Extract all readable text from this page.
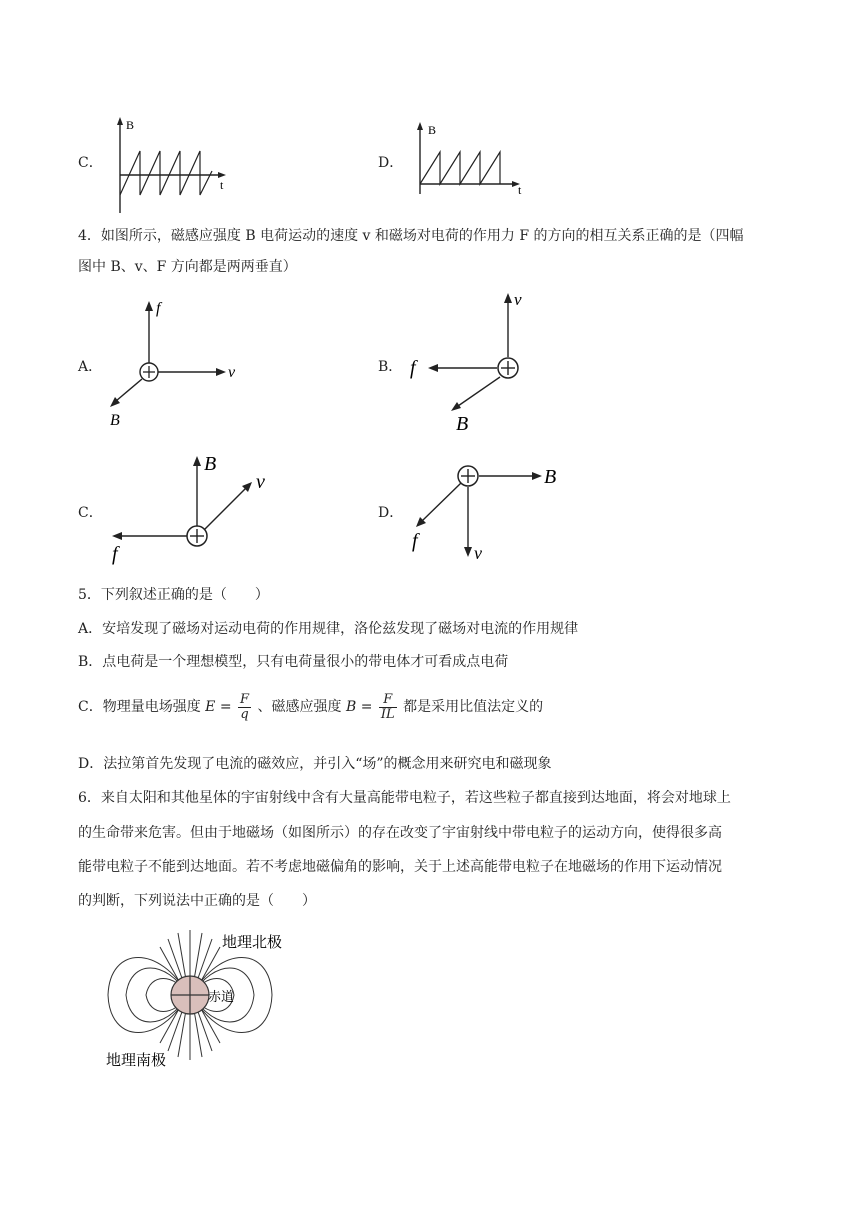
C．
B
t
D．
B
t
4．如图所示，磁感应强度 B 电荷运动的速度 v 和磁场对电荷的作用力 F 的方向的相互关系正确的是（四幅
图中 B、v、F 方向都是两两垂直）
A．
f
v
B
B．
v
f
B
C．
B
v
f
D．
B
v
f
5．下列叙述正确的是（　　）
A．安培发现了磁场对运动电荷的作用规律，洛伦兹发现了磁场对电流的作用规律
B．点电荷是一个理想模型，只有电荷量很小的带电体才可看成点电荷
C．物理量电场强度 $E = \frac{F}{q}$ 、磁感应强度 $B = \frac{F}{IL}$ 都是采用比值法定义的
D．法拉第首先发现了电流的磁效应，并引入“场”的概念用来研究电和磁现象
6．来自太阳和其他星体的宇宙射线中含有大量高能带电粒子，若这些粒子都直接到达地面，将会对地球上
的生命带来危害。但由于地磁场（如图所示）的存在改变了宇宙射线中带电粒子的运动方向，使得很多高
能带电粒子不能到达地面。若不考虑地磁偏角的影响，关于上述高能带电粒子在地磁场的作用下运动情况
的判断，下列说法中正确的是（　　）
地理北极
赤道
地理南极
